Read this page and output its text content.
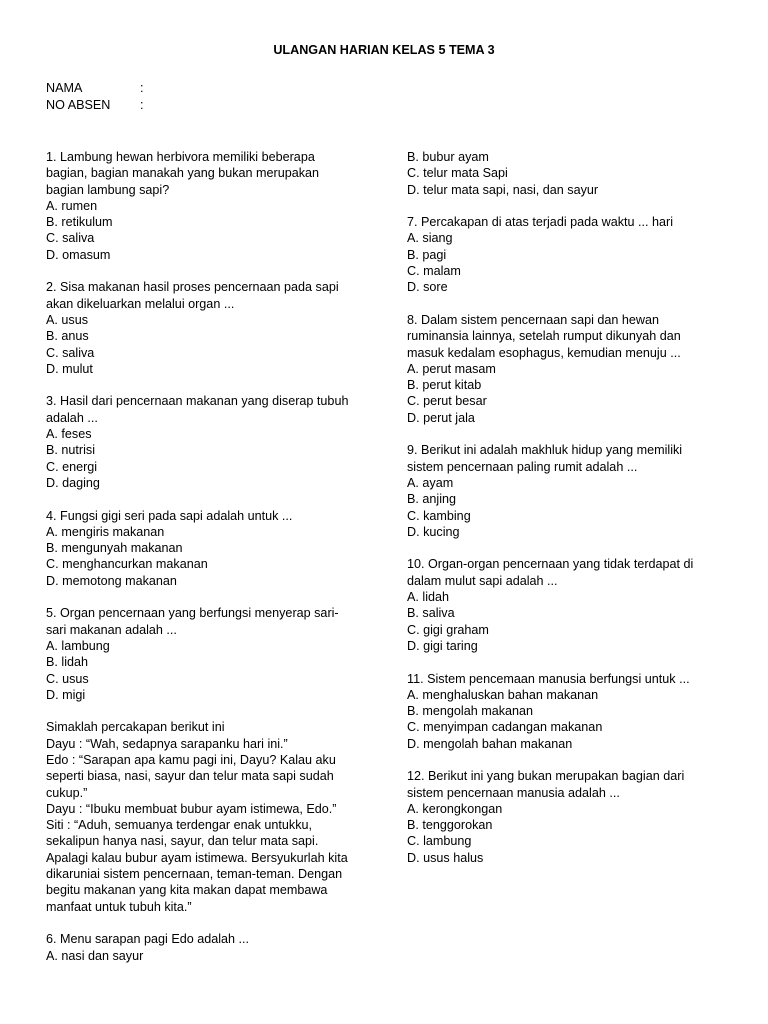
ULANGAN HARIAN KELAS 5 TEMA 3
NAMA	:
NO ABSEN :
1. Lambung hewan herbivora memiliki beberapa
bagian, bagian manakah yang bukan merupakan
bagian lambung sapi?
A. rumen
B. retikulum
C. saliva
D. omasum
2. Sisa makanan hasil proses pencernaan pada sapi
akan dikeluarkan melalui organ ...
A. usus
B. anus
C. saliva
D. mulut
3. Hasil dari pencernaan makanan yang diserap tubuh
adalah ...
A. feses
B. nutrisi
C. energi
D. daging
4. Fungsi gigi seri pada sapi adalah untuk ...
A. mengiris makanan
B. mengunyah makanan
C. menghancurkan makanan
D. memotong makanan
5. Organ pencernaan yang berfungsi menyerap sari-
sari makanan adalah ...
A. lambung
B. lidah
C. usus
D. migi
Simaklah percakapan berikut ini
Dayu : “Wah, sedapnya sarapanku hari ini.”
Edo : “Sarapan apa kamu pagi ini, Dayu? Kalau aku
seperti biasa, nasi, sayur dan telur mata sapi sudah
cukup.”
Dayu : “Ibuku membuat bubur ayam istimewa, Edo.”
Siti : “Aduh, semuanya terdengar enak untukku,
sekalipun hanya nasi, sayur, dan telur mata sapi.
Apalagi kalau bubur ayam istimewa. Bersyukurlah kita
dikaruniai sistem pencernaan, teman-teman. Dengan
begitu makanan yang kita makan dapat membawa
manfaat untuk tubuh kita.”
6. Menu sarapan pagi Edo adalah ...
A. nasi dan sayur
B. bubur ayam
C. telur mata Sapi
D. telur mata sapi, nasi, dan sayur
7. Percakapan di atas terjadi pada waktu ... hari
A. siang
B. pagi
C. malam
D. sore
8. Dalam sistem pencernaan sapi dan hewan
ruminansia lainnya, setelah rumput dikunyah dan
masuk kedalam esophagus, kemudian menuju ...
A. perut masam
B. perut kitab
C. perut besar
D. perut jala
9. Berikut ini adalah makhluk hidup yang memiliki
sistem pencernaan paling rumit adalah ...
A. ayam
B. anjing
C. kambing
D. kucing
10. Organ-organ pencernaan yang tidak terdapat di
dalam mulut sapi adalah ...
A. lidah
B. saliva
C. gigi graham
D. gigi taring
11. Sistem pencemaan manusia berfungsi untuk ...
A. menghaluskan bahan makanan
B. mengolah makanan
C. menyimpan cadangan makanan
D. mengolah bahan makanan
12. Berikut ini yang bukan merupakan bagian dari
sistem pencernaan manusia adalah ...
A. kerongkongan
B. tenggorokan
C. lambung
D. usus halus
